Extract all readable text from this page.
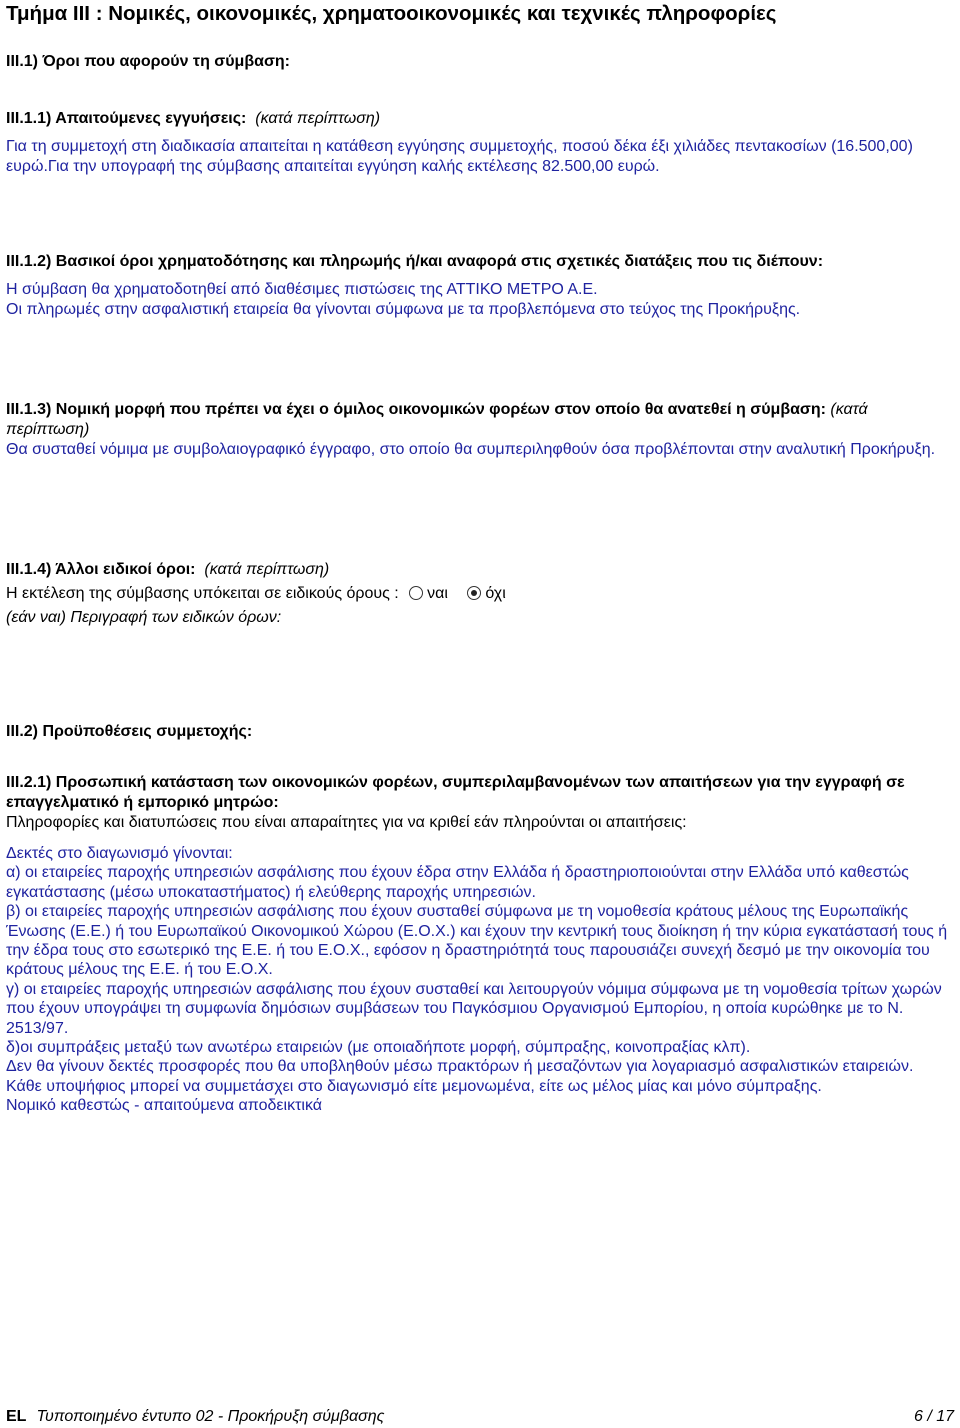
Τμήμα ΙΙΙ : Νομικές, οικονομικές, χρηματοοικονομικές και τεχνικές πληροφορίες
ΙΙΙ.1) Όροι που αφορούν τη σύμβαση:

ΙΙΙ.1.1) Απαιτούμενες εγγυήσεις: (κατά περίπτωση)

Για τη συμμετοχή στη διαδικασία απαιτείται η κατάθεση εγγύησης συμμετοχής, ποσού δέκα έξι χιλιάδες πεντακοσίων (16.500,00) ευρώ.Για την υπογραφή της σύμβασης απαιτείται εγγύηση καλής εκτέλεσης 82.500,00 ευρώ.

ΙΙΙ.1.2) Βασικοί όροι χρηματοδότησης και πληρωμής ή/και αναφορά στις σχετικές διατάξεις που τις διέπουν:

Η σύμβαση θα χρηματοδοτηθεί από διαθέσιμες πιστώσεις της ΑΤΤΙΚΟ ΜΕΤΡΟ Α.Ε.

Οι πληρωμές στην ασφαλιστική εταιρεία θα γίνονται σύμφωνα με τα προβλεπόμενα στο τεύχος της Προκήρυξης.

ΙΙΙ.1.3) Νομική μορφή που πρέπει να έχει ο όμιλος οικονομικών φορέων στον οποίο θα ανατεθεί η σύμβαση: (κατά περίπτωση)

Θα συσταθεί νόμιμα με συμβολαιογραφικό έγγραφο, στο οποίο θα συμπεριληφθούν όσα προβλέπονται στην αναλυτική Προκήρυξη.

ΙΙΙ.1.4) Άλλοι ειδικοί όροι: (κατά περίπτωση)

Η εκτέλεση της σύμβασης υπόκειται σε ειδικούς όρους : ναι όχι

(εάν ναι) Περιγραφή των ειδικών όρων:

ΙΙΙ.2) Προϋποθέσεις συμμετοχής:

ΙΙΙ.2.1) Προσωπική κατάσταση των οικονομικών φορέων, συμπεριλαμβανομένων των απαιτήσεων για την εγγραφή σε επαγγελματικό ή εμπορικό μητρώο:

Πληροφορίες και διατυπώσεις που είναι απαραίτητες για να κριθεί εάν πληρούνται οι απαιτήσεις:

Δεκτές στο διαγωνισμό γίνονται:

α) οι εταιρείες παροχής υπηρεσιών ασφάλισης που έχουν έδρα στην Ελλάδα ή δραστηριοποιούνται στην Ελλάδα υπό καθεστώς εγκατάστασης (μέσω υποκαταστήματος) ή ελεύθερης παροχής υπηρεσιών.

β) οι εταιρείες παροχής υπηρεσιών ασφάλισης που έχουν συσταθεί σύμφωνα με τη νομοθεσία κράτους μέλους της Ευρωπαϊκής Ένωσης (Ε.Ε.) ή του Ευρωπαϊκού Οικονομικού Χώρου (Ε.Ο.Χ.) και έχουν την κεντρική τους διοίκηση ή την κύρια εγκατάστασή τους ή την έδρα τους στο εσωτερικό της Ε.Ε. ή του Ε.Ο.Χ., εφόσον η δραστηριότητά τους παρουσιάζει συνεχή δεσμό με την οικονομία του κράτους μέλους της Ε.Ε. ή του Ε.Ο.Χ.

γ) οι εταιρείες παροχής υπηρεσιών ασφάλισης που έχουν συσταθεί και λειτουργούν νόμιμα σύμφωνα με τη νομοθεσία τρίτων χωρών που έχουν υπογράψει τη συμφωνία δημόσιων συμβάσεων του Παγκόσμιου Οργανισμού Εμπορίου, η οποία κυρώθηκε με το Ν. 2513/97.

δ)οι συμπράξεις μεταξύ των ανωτέρω εταιρειών (με οποιαδήποτε μορφή, σύμπραξης, κοινοπραξίας κλπ).

Δεν θα γίνουν δεκτές προσφορές που θα υποβληθούν μέσω πρακτόρων ή μεσαζόντων για λογαριασμό ασφαλιστικών εταιρειών.

Κάθε υποψήφιος μπορεί να συμμετάσχει στο διαγωνισμό είτε μεμονωμένα, είτε ως μέλος μίας και μόνο σύμπραξης.

Νομικό καθεστώς - απαιτούμενα αποδεικτικά

EL Τυποποιημένο έντυπο 02 - Προκήρυξη σύμβασης	6 / 17
